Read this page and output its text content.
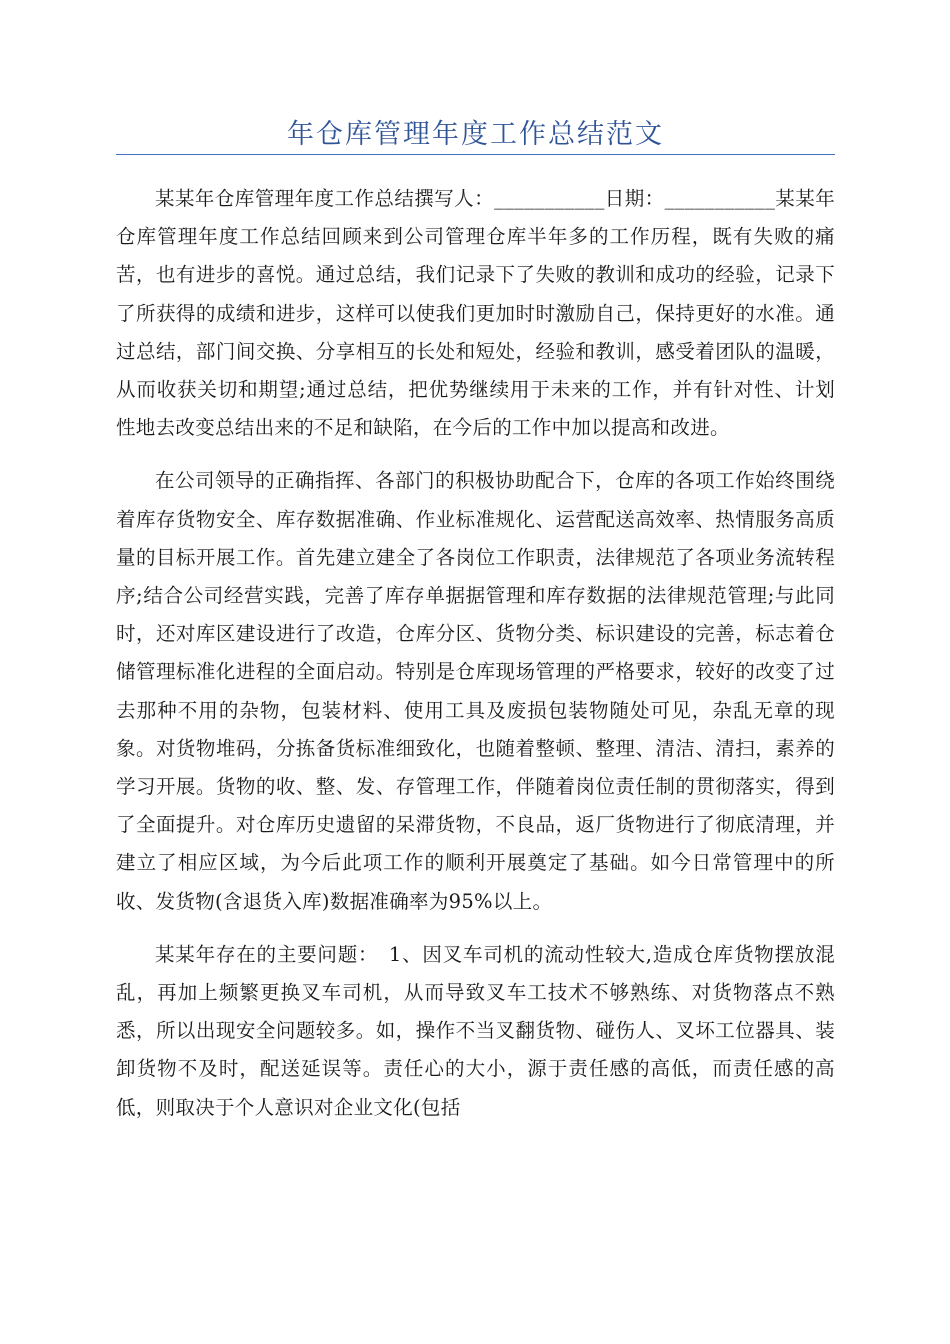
年仓库管理年度工作总结范文

某某年仓库管理年度工作总结撰写人：___________日期：___________某某年仓库管理年度工作总结回顾来到公司管理仓库半年多的工作历程，既有失败的痛苦，也有进步的喜悦。通过总结，我们记录下了失败的教训和成功的经验，记录下了所获得的成绩和进步，这样可以使我们更加时时激励自己，保持更好的水准。通过总结，部门间交换、分享相互的长处和短处，经验和教训，感受着团队的温暖，从而收获关切和期望;通过总结，把优势继续用于未来的工作，并有针对性、计划性地去改变总结出来的不足和缺陷，在今后的工作中加以提高和改进。

在公司领导的正确指挥、各部门的积极协助配合下，仓库的各项工作始终围绕着库存货物安全、库存数据准确、作业标准规化、运营配送高效率、热情服务高质量的目标开展工作。首先建立建全了各岗位工作职责，法律规范了各项业务流转程序;结合公司经营实践，完善了库存单据据管理和库存数据的法律规范管理;与此同时，还对库区建设进行了改造，仓库分区、货物分类、标识建设的完善，标志着仓储管理标准化进程的全面启动。特别是仓库现场管理的严格要求，较好的改变了过去那种不用的杂物，包装材料、使用工具及废损包装物随处可见，杂乱无章的现象。对货物堆码，分拣备货标准细致化，也随着整顿、整理、清洁、清扫，素养的学习开展。货物的收、整、发、存管理工作，伴随着岗位责任制的贯彻落实，得到了全面提升。对仓库历史遗留的呆滞货物，不良品，返厂货物进行了彻底清理，并建立了相应区域，为今后此项工作的顺利开展奠定了基础。如今日常管理中的所收、发货物(含退货入库)数据准确率为95%以上。

某某年存在的主要问题：　1、因叉车司机的流动性较大,造成仓库货物摆放混乱，再加上频繁更换叉车司机，从而导致叉车工技术不够熟练、对货物落点不熟悉，所以出现安全问题较多。如，操作不当叉翻货物、碰伤人、叉坏工位器具、装卸货物不及时，配送延误等。责任心的大小，源于责任感的高低，而责任感的高低，则取决于个人意识对企业文化(包括
